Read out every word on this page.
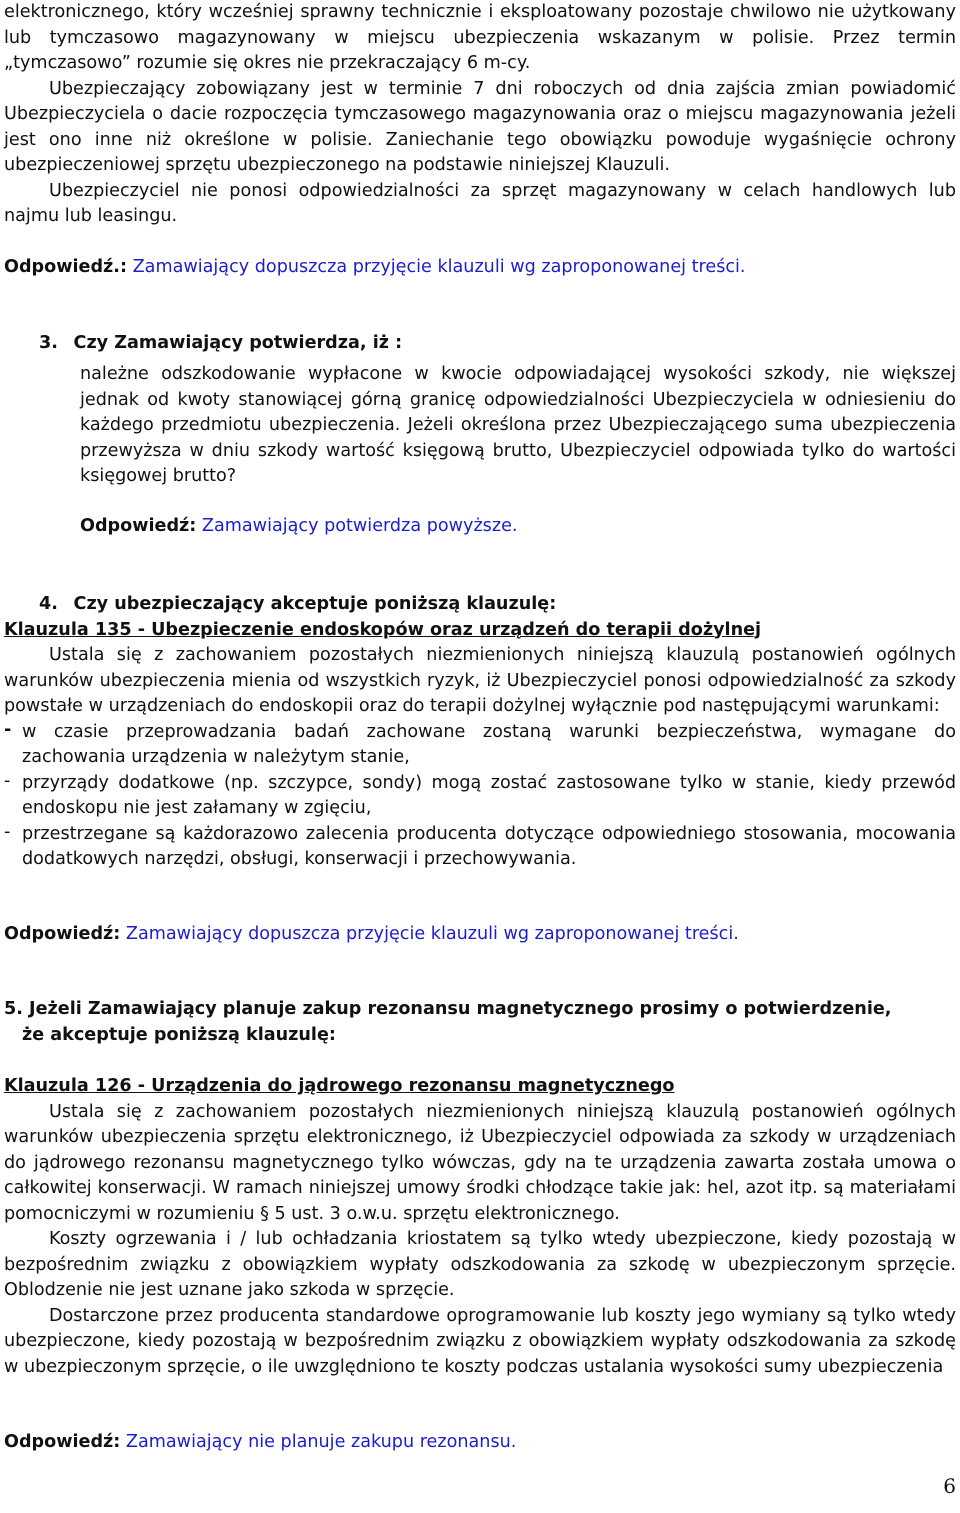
elektronicznego, który wcześniej sprawny technicznie i eksploatowany pozostaje chwilowo nie użytkowany lub tymczasowo magazynowany w miejscu ubezpieczenia wskazanym w polisie. Przez termin „tymczasowo” rozumie się okres nie przekraczający 6 m-cy.

Ubezpieczający zobowiązany jest w terminie 7 dni roboczych od dnia zajścia zmian powiadomić Ubezpieczyciela o dacie rozpoczęcia tymczasowego magazynowania oraz o miejscu magazynowania jeżeli jest ono inne niż określone w polisie. Zaniechanie tego obowiązku powoduje wygaśnięcie ochrony ubezpieczeniowej sprzętu ubezpieczonego na podstawie niniejszej Klauzuli.

Ubezpieczyciel nie ponosi odpowiedzialności za sprzęt magazynowany w celach handlowych lub najmu lub leasingu.

Odpowiedź.: Zamawiający dopuszcza przyjęcie klauzuli wg zaproponowanej treści.

3. Czy Zamawiający potwierdza, iż :

należne odszkodowanie wypłacone w kwocie odpowiadającej wysokości szkody, nie większej jednak od kwoty stanowiącej górną granicę odpowiedzialności Ubezpieczyciela w odniesieniu do każdego przedmiotu ubezpieczenia. Jeżeli określona przez Ubezpieczającego suma ubezpieczenia przewyższa w dniu szkody wartość księgową brutto, Ubezpieczyciel odpowiada tylko do wartości księgowej brutto?

Odpowiedź: Zamawiający potwierdza powyższe.

4. Czy ubezpieczający akceptuje poniższą klauzulę:

Klauzula 135 - Ubezpieczenie endoskopów oraz urządzeń do terapii dożylnej

Ustala się z zachowaniem pozostałych niezmienionych niniejszą klauzulą postanowień ogólnych warunków ubezpieczenia mienia od wszystkich ryzyk, iż Ubezpieczyciel ponosi odpowiedzialność za szkody powstałe w urządzeniach do endoskopii oraz do terapii dożylnej wyłącznie pod następującymi warunkami:

- w czasie przeprowadzania badań zachowane zostaną warunki bezpieczeństwa, wymagane do zachowania urządzenia w należytym stanie,

- przyrządy dodatkowe (np. szczypce, sondy) mogą zostać zastosowane tylko w stanie, kiedy przewód endoskopu nie jest załamany w zgięciu,

- przestrzegane są każdorazowo zalecenia producenta dotyczące odpowiedniego stosowania, mocowania dodatkowych narzędzi, obsługi, konserwacji i przechowywania.

Odpowiedź: Zamawiający dopuszcza przyjęcie klauzuli wg zaproponowanej treści.

5. Jeżeli Zamawiający planuje zakup rezonansu magnetycznego prosimy o potwierdzenie,

że akceptuje poniższą klauzulę:

Klauzula 126 - Urządzenia do jądrowego rezonansu magnetycznego

Ustala się z zachowaniem pozostałych niezmienionych niniejszą klauzulą postanowień ogólnych warunków ubezpieczenia sprzętu elektronicznego, iż Ubezpieczyciel odpowiada za szkody w urządzeniach do jądrowego rezonansu magnetycznego tylko wówczas, gdy na te urządzenia zawarta została umowa o całkowitej konserwacji. W ramach niniejszej umowy środki chłodzące takie jak: hel, azot itp. są materiałami pomocniczymi w rozumieniu § 5 ust. 3 o.w.u. sprzętu elektronicznego.

Koszty ogrzewania i / lub ochładzania kriostatem są tylko wtedy ubezpieczone, kiedy pozostają w bezpośrednim związku z obowiązkiem wypłaty odszkodowania za szkodę w ubezpieczonym sprzęcie. Oblodzenie nie jest uznane jako szkoda w sprzęcie.

Dostarczone przez producenta standardowe oprogramowanie lub koszty jego wymiany są tylko wtedy ubezpieczone, kiedy pozostają w bezpośrednim związku z obowiązkiem wypłaty odszkodowania za szkodę w ubezpieczonym sprzęcie, o ile uwzględniono te koszty podczas ustalania wysokości sumy ubezpieczenia

Odpowiedź: Zamawiający nie planuje zakupu rezonansu.

6
